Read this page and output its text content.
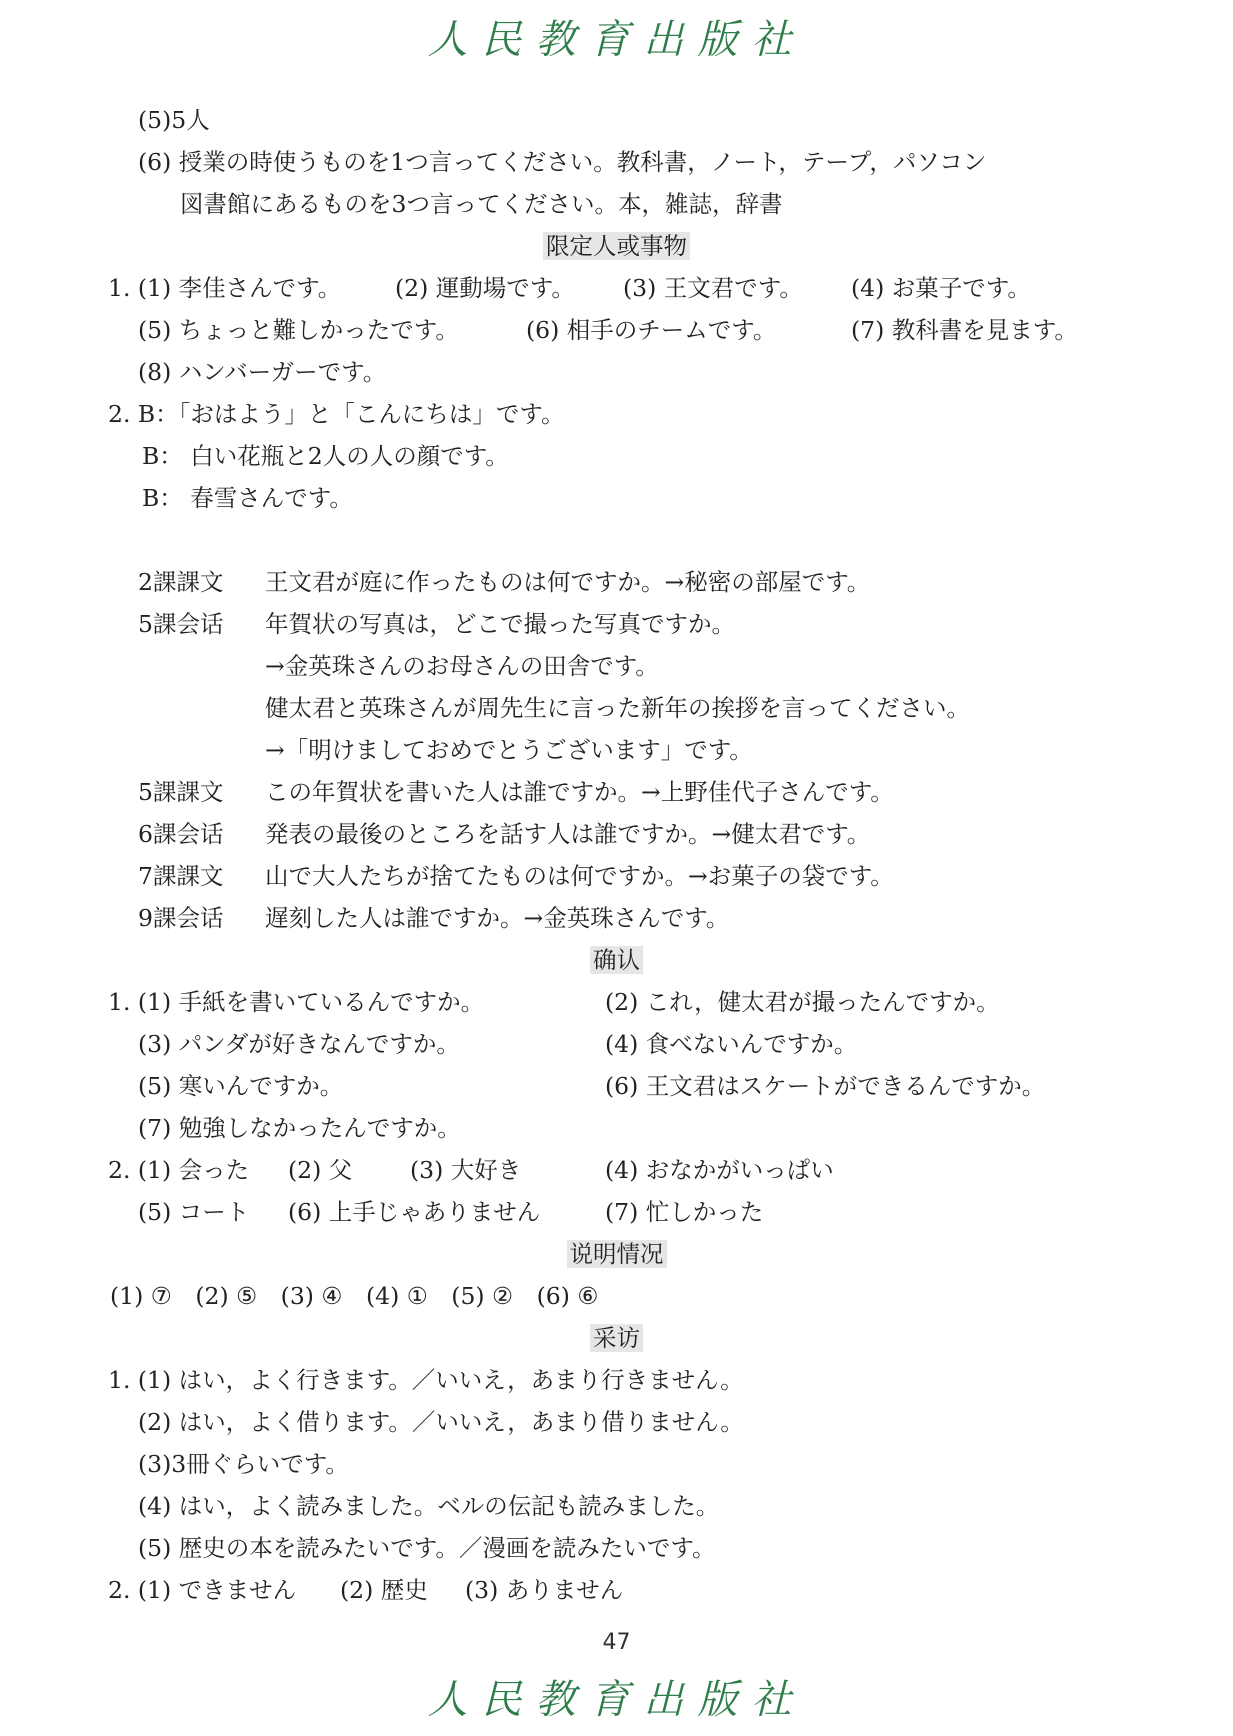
人民教育出版社
(5)5人
(6) 授業の時使うものを1つ言ってください。教科書，ノート，テープ，パソコン
図書館にあるものを3つ言ってください。本，雑誌，辞書
限定人或事物
1. (1) 李佳さんです。 (2) 運動場です。 (3) 王文君です。 (4) お菓子です。
(5) ちょっと難しかったです。	(6) 相手のチームです。	(7) 教科書を見ます。
(8) ハンバーガーです。
2. B：「おはよう」と「こんにちは」です。
B： 白い花瓶と2人の人の顔です。
B： 春雪さんです。
2課課文 王文君が庭に作ったものは何ですか。→秘密の部屋です。
5課会话 年賀状の写真は，どこで撮った写真ですか。
→金英珠さんのお母さんの田舎です。
健太君と英珠さんが周先生に言った新年の挨拶を言ってください。
→「明けましておめでとうございます」です。
5課課文 この年賀状を書いた人は誰ですか。→上野佳代子さんです。
6課会话 発表の最後のところを話す人は誰ですか。→健太君です。
7課課文 山で大人たちが捨てたものは何ですか。→お菓子の袋です。
9課会话 遅刻した人は誰ですか。→金英珠さんです。
确认
1. (1) 手紙を書いているんですか。	(2) これ，健太君が撮ったんですか。
(3) パンダが好きなんですか。	(4) 食べないんですか。
(5) 寒いんですか。	(6) 王文君はスケートができるんですか。
(7) 勉強しなかったんですか。
2. (1) 会った (2) 父 (3) 大好き	(4) おなかがいっぱい
(5) コート (6) 上手じゃありません	(7) 忙しかった
说明情况
(1) ⑦　(2) ⑤　(3) ④　(4) ①　(5) ②　(6) ⑥
采访
1. (1) はい，よく行きます。／いいえ，あまり行きません。
(2) はい，よく借ります。／いいえ，あまり借りません。
(3)3冊ぐらいです。
(4) はい，よく読みました。ベルの伝記も読みました。
(5) 歴史の本を読みたいです。／漫画を読みたいです。
2. (1) できません (2) 歴史 (3) ありません
47
人民教育出版社
